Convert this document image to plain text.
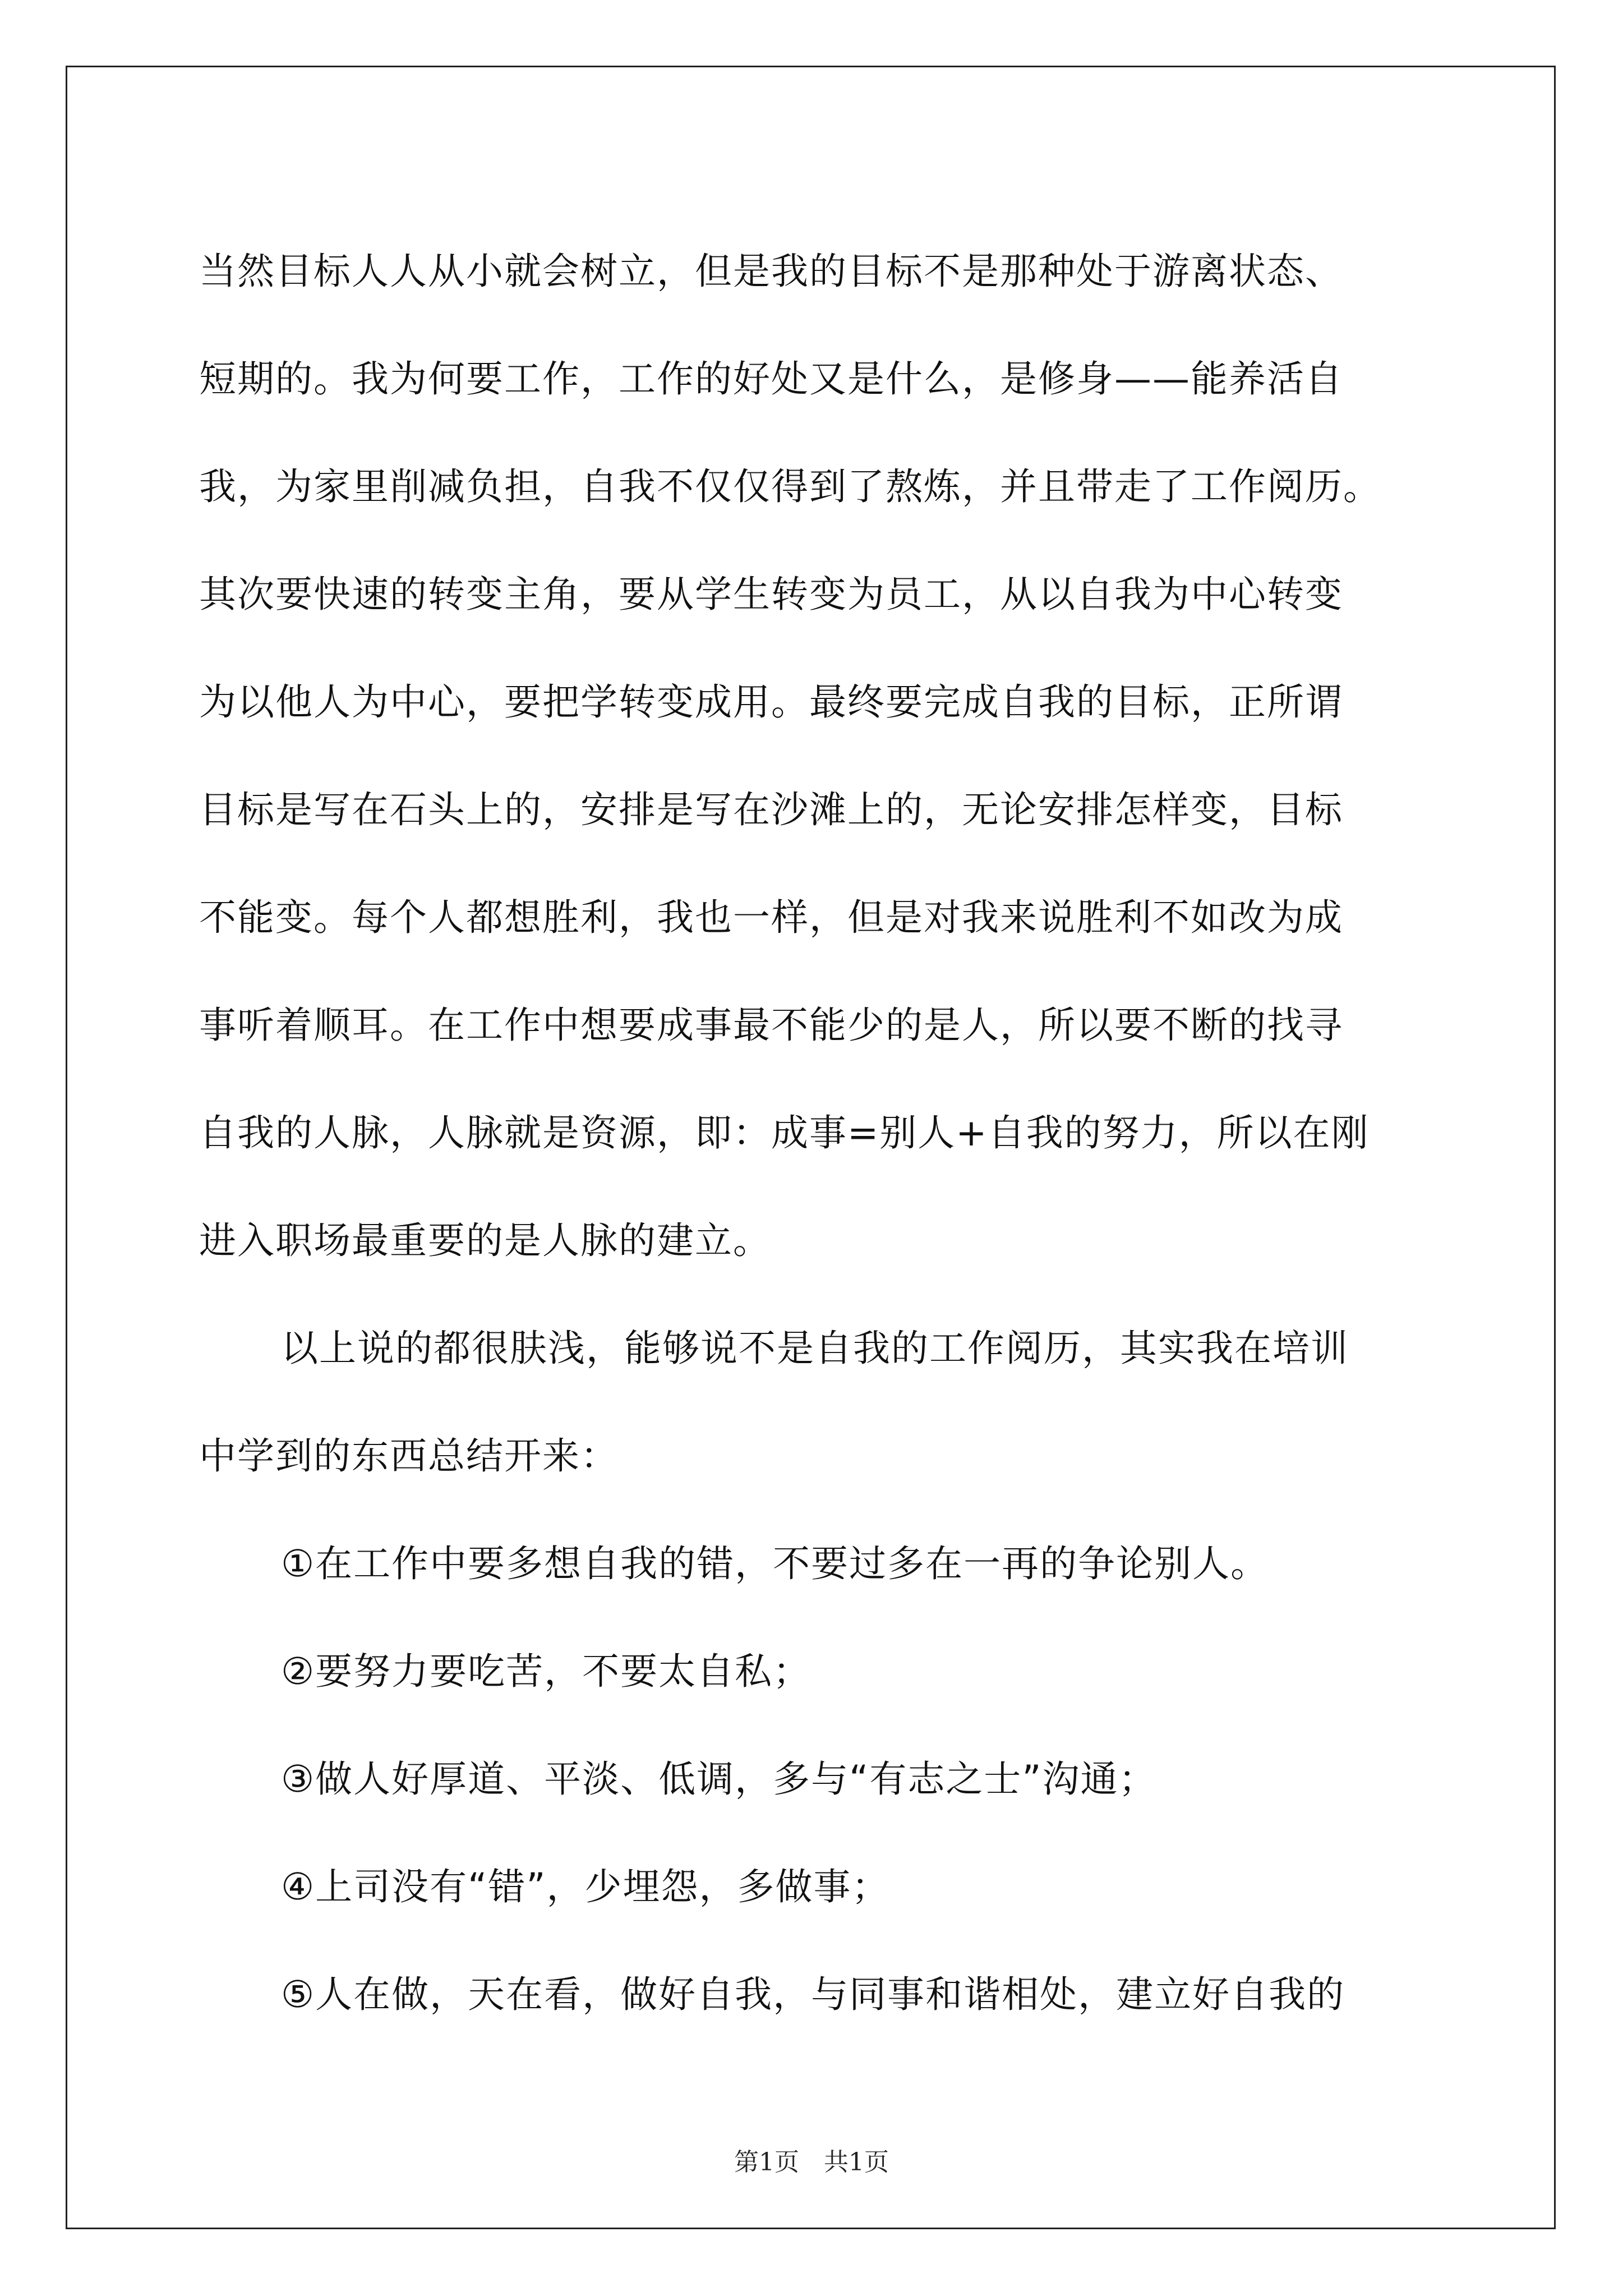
当然目标人人从小就会树立，但是我的目标不是那种处于游离状态、
短期的。我为何要工作，工作的好处又是什么，是修身——能养活自
我，为家里削减负担，自我不仅仅得到了熬炼，并且带走了工作阅历。
其次要快速的转变主角，要从学生转变为员工，从以自我为中心转变
为以他人为中心，要把学转变成用。最终要完成自我的目标，正所谓
目标是写在石头上的，安排是写在沙滩上的，无论安排怎样变，目标
不能变。每个人都想胜利，我也一样，但是对我来说胜利不如改为成
事听着顺耳。在工作中想要成事最不能少的是人，所以要不断的找寻
自我的人脉，人脉就是资源，即：成事=别人+自我的努力，所以在刚
进入职场最重要的是人脉的建立。
以上说的都很肤浅，能够说不是自我的工作阅历，其实我在培训
中学到的东西总结开来：
①在工作中要多想自我的错，不要过多在一再的争论别人。
②要努力要吃苦，不要太自私；
③做人好厚道、平淡、低调，多与“有志之士”沟通；
④上司没有“错”，少埋怨，多做事；
⑤人在做，天在看，做好自我，与同事和谐相处，建立好自我的
第1页　共1页
